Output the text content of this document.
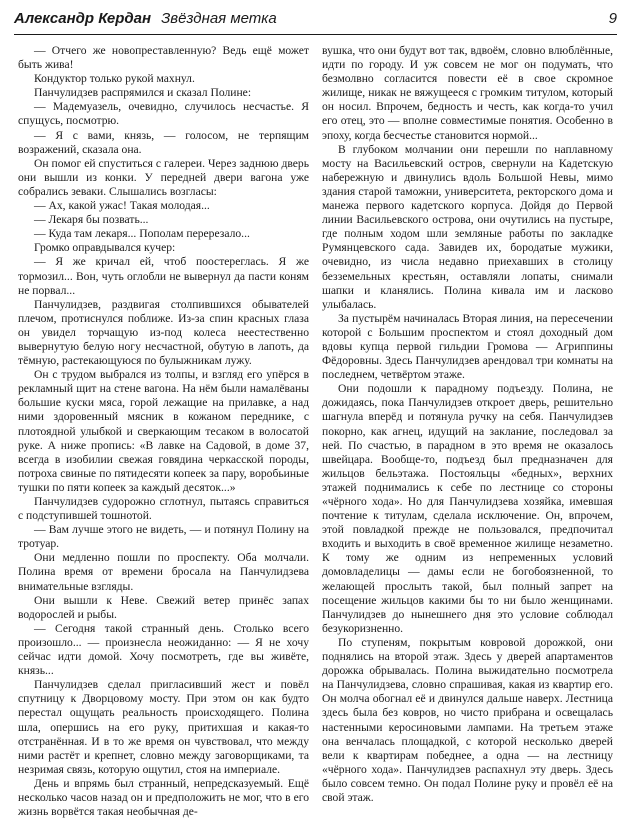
Александр Кердан Звёздная метка	9

— Отчего же новопреставленную? Ведь ещё может быть жива!

Кондуктор только рукой махнул.

Панчулидзев распрямился и сказал Полине:

— Мадемуазель, очевидно, случилось несчастье. Я спущусь, посмотрю.

— Я с вами, князь, — голосом, не терпящим возражений, сказала она.

Он помог ей спуститься с галереи. Через заднюю дверь они вышли из конки. У передней двери вагона уже собрались зеваки. Слышались возгласы:

— Ах, какой ужас! Такая молодая...

— Лекаря бы позвать...

— Куда там лекаря... Пополам перерезало...

Громко оправдывался кучер:

— Я же кричал ей, чтоб поостереглась. Я же тормозил... Вон, чуть оглобли не вывернул да пасти коням не порвал...

Панчулидзев, раздвигая столпившихся обывателей плечом, протиснулся поближе. Из-за спин красных глаза он увидел торчащую из-под колеса неестественно вывернутую белую ногу несчастной, обутую в лапоть, да тёмную, растекающуюся по булыжникам лужу.

Он с трудом выбрался из толпы, и взгляд его упёрся в рекламный щит на стене вагона. На нём были намалёваны большие куски мяса, горой лежащие на прилавке, а над ними здоровенный мясник в кожаном переднике, с плотоядной улыбкой и сверкающим тесаком в волосатой руке. А ниже пропись: «В лавке на Садовой, в доме 37, всегда в изобилии свежая говядина черкасской породы, потроха свиные по пятидесяти копеек за пару, воробьиные тушки по пяти копеек за каждый десяток...»

Панчулидзев судорожно сглотнул, пытаясь справиться с подступившей тошнотой.

— Вам лучше этого не видеть, — и потянул Полину на тротуар.

Они медленно пошли по проспекту. Оба молчали. Полина время от времени бросала на Панчулидзева внимательные взгляды.

Они вышли к Неве. Свежий ветер принёс запах водорослей и рыбы.

— Сегодня такой странный день. Столько всего произошло... — произнесла неожиданно: — Я не хочу сейчас идти домой. Хочу посмотреть, где вы живёте, князь...

Панчулидзев сделал пригласивший жест и повёл спутницу к Дворцовому мосту. При этом он как будто перестал ощущать реальность происходящего. Полина шла, опершись на его руку, притихшая и какая-то отстранённая. И в то же время он чувствовал, что между ними растёт и крепнет, словно между заговорщиками, та незримая связь, которую ощутил, стоя на империале.

День и впрямь был странный, непредсказуемый. Ещё несколько часов назад он и предположить не мог, что в его жизнь ворвётся такая необычная де-

вушка, что они будут вот так, вдвоём, словно влюблённые, идти по городу. И уж совсем не мог он подумать, что безмолвно согласится повести её в свое скромное жилище, никак не вяжущееся с громким титулом, который он носил. Впрочем, бедность и честь, как когда-то учил его отец, это — вполне совместимые понятия. Особенно в эпоху, когда бесчестье становится нормой...

В глубоком молчании они перешли по наплавному мосту на Васильевский остров, свернули на Кадетскую набережную и двинулись вдоль Большой Невы, мимо здания старой таможни, университета, ректорского дома и манежа первого кадетского корпуса. Дойдя до Первой линии Васильевского острова, они очутились на пустыре, где полным ходом шли земляные работы по закладке Румянцевского сада. Завидев их, бородатые мужики, очевидно, из числа недавно приехавших в столицу безземельных крестьян, оставляли лопаты, снимали шапки и кланялись. Полина кивала им и ласково улыбалась.

За пустырём начиналась Вторая линия, на пересечении которой с Большим проспектом и стоял доходный дом вдовы купца первой гильдии Громова — Агриппины Фёдоровны. Здесь Панчулидзев арендовал три комнаты на последнем, четвёртом этаже.

Они подошли к парадному подъезду. Полина, не дожидаясь, пока Панчулидзев откроет дверь, решительно шагнула вперёд и потянула ручку на себя. Панчулидзев покорно, как агнец, идущий на заклание, последовал за ней. По счастью, в парадном в это время не оказалось швейцара. Вообще-то, подъезд был предназначен для жильцов бельэтажа. Постояльцы «бедных», верхних этажей поднимались к себе по лестнице со стороны «чёрного хода». Но для Панчулидзева хозяйка, имевшая почтение к титулам, сделала исключение. Он, впрочем, этой повладкой прежде не пользовался, предпочитал входить и выходить в своё временное жилище незаметно. К тому же одним из непременных условий домовладелицы — дамы если не богобоязненной, то желающей прослыть такой, был полный запрет на посещение жильцов какими бы то ни было женщинами. Панчулидзев до нынешнего дня это условие соблюдал безукоризненно.

По ступеням, покрытым ковровой дорожкой, они поднялись на второй этаж. Здесь у дверей апартаментов дорожка обрывалась. Полина выжидательно посмотрела на Панчулидзева, словно спрашивая, какая из квартир его. Он молча обогнал её и двинулся дальше наверх. Лестница здесь была без ковров, но чисто прибрана и освещалась настенными керосиновыми лампами. На третьем этаже она венчалась площадкой, с которой несколько дверей вели к квартирам победнее, а одна — на лестницу «чёрного хода». Панчулидзев распахнул эту дверь. Здесь было совсем темно. Он подал Полине руку и провёл её на свой этаж.
